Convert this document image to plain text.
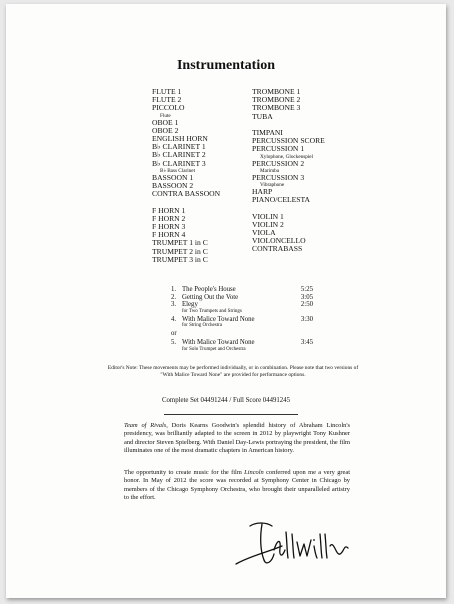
Instrumentation
FLUTE 1
FLUTE 2
PICCOLO
Flute
OBOE 1
OBOE 2
ENGLISH HORN
B♭ CLARINET 1
B♭ CLARINET 2
B♭ CLARINET 3
B♭ Bass Clarinet
BASSOON 1
BASSOON 2
CONTRA BASSOON
F HORN 1
F HORN 2
F HORN 3
F HORN 4
TRUMPET 1 in C
TRUMPET 2 in C
TRUMPET 3 in C
TROMBONE 1
TROMBONE 2
TROMBONE 3
TUBA
TIMPANI
PERCUSSION SCORE
PERCUSSION 1
Xylophone, Glockenspiel
PERCUSSION 2
Marimba
PERCUSSION 3
Vibraphone
HARP
PIANO/CELESTA
VIOLIN 1
VIOLIN 2
VIOLA
VIOLONCELLO
CONTRABASS
1. The People's House	5:25
2. Getting Out the Vote	3:05
3. Elegy	2:50
for Two Trumpets and Strings
4. With Malice Toward None	3:30
for String Orchestra
or
5. With Malice Toward None	3:45
for Solo Trumpet and Orchestra
Editor's Note: These movements may be performed individually, or in combination. Please note that two versions of "With Malice Toward None" are provided for performance options.
Complete Set 04491244 / Full Score 04491245
Team of Rivals, Doris Kearns Goodwin's splendid history of Abraham Lincoln's presidency, was brilliantly adapted to the screen in 2012 by playwright Tony Kushner and director Steven Spielberg. With Daniel Day-Lewis portraying the president, the film illuminates one of the most dramatic chapters in American history.
The opportunity to create music for the film Lincoln conferred upon me a very great honor. In May of 2012 the score was recorded at Symphony Center in Chicago by members of the Chicago Symphony Orchestra, who brought their unparalleled artistry to the effort.
